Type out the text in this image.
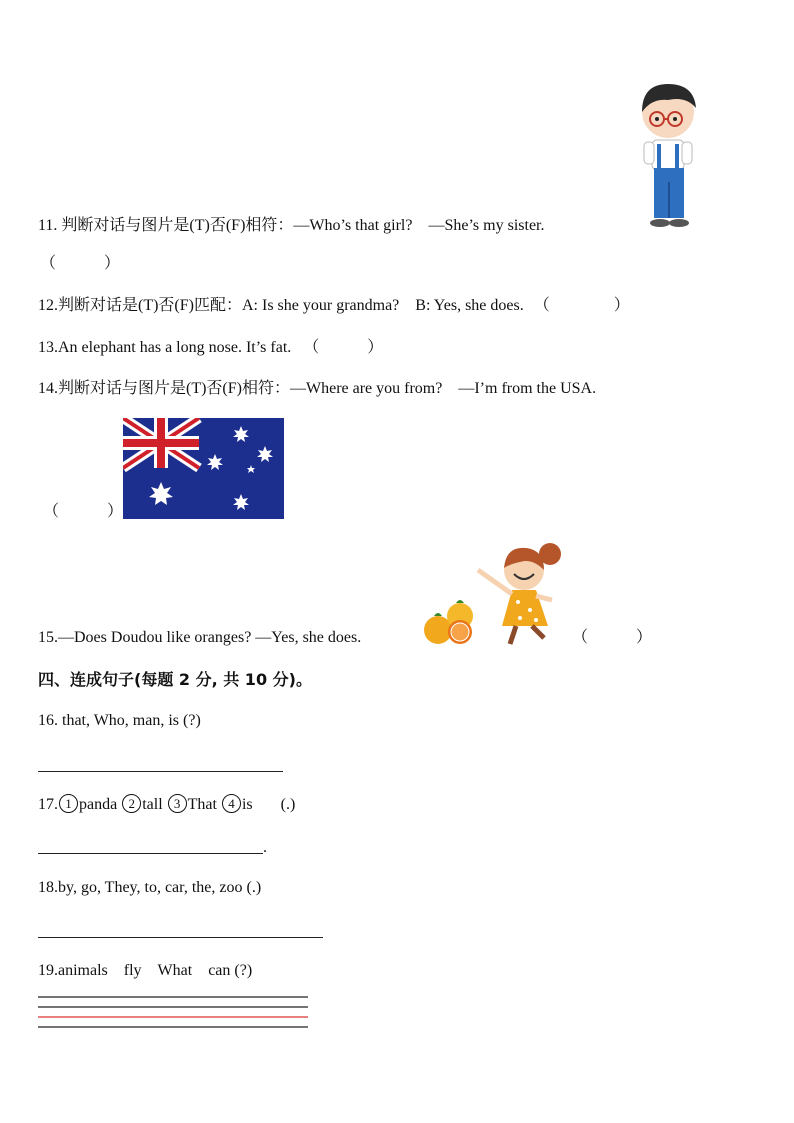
11. 判断对话与图片是(T)否(F)相符：—Who’s that girl?　—She’s my sister.
（　　　）
12.判断对话是(T)否(F)匹配：A: Is she your grandma?　B: Yes, she does. （　　　　）
13.An elephant has a long nose. It’s fat. （　　　）
14.判断对话与图片是(T)否(F)相符：—Where are you from?　—I’m from the USA.
（　　　）
15.—Does Doudou like oranges? —Yes, she does.	（　　　）
四、连成句子(每题 2 分, 共 10 分)。
16. that, Who, man, is (?)
17. 1 panda 2 tall 3 That 4 is (.)
.
18.by, go, They, to, car, the, zoo (.)
19.animals　fly　What　can (?)
